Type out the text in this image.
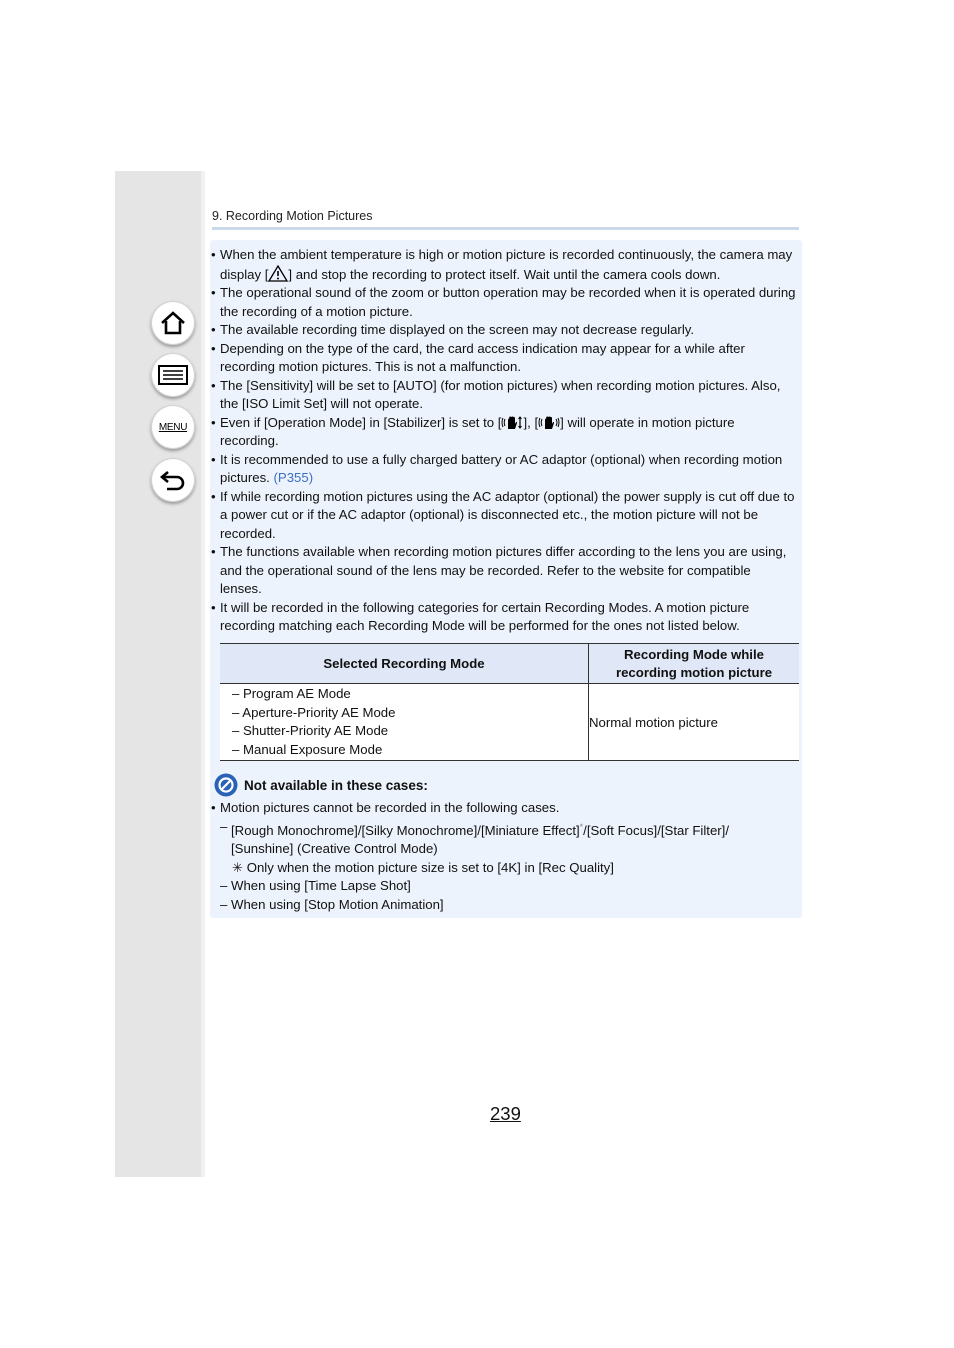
MENU
9. Recording Motion Pictures
• When the ambient temperature is high or motion picture is recorded continuously, the camera may display [ ] and stop the recording to protect itself. Wait until the camera cools down.
• The operational sound of the zoom or button operation may be recorded when it is operated during the recording of a motion picture.
• The available recording time displayed on the screen may not decrease regularly.
• Depending on the type of the card, the card access indication may appear for a while after recording motion pictures. This is not a malfunction.
• The [Sensitivity] will be set to [AUTO] (for motion pictures) when recording motion pictures. Also, the [ISO Limit Set] will not operate.
• Even if [Operation Mode] in [Stabilizer] is set to [ ], [ ] will operate in motion picture recording.
• It is recommended to use a fully charged battery or AC adaptor (optional) when recording motion pictures. (P355)
• If while recording motion pictures using the AC adaptor (optional) the power supply is cut off due to a power cut or if the AC adaptor (optional) is disconnected etc., the motion picture will not be recorded.
• The functions available when recording motion pictures differ according to the lens you are using, and the operational sound of the lens may be recorded. Refer to the website for compatible lenses.
• It will be recorded in the following categories for certain Recording Modes. A motion picture recording matching each Recording Mode will be performed for the ones not listed below.
Selected Recording Mode	Recording Mode while
recording motion picture

– Program AE Mode
– Aperture-Priority AE Mode
– Shutter-Priority AE Mode
– Manual Exposure Mode	Normal motion picture
Not available in these cases:
• Motion pictures cannot be recorded in the following cases.
– [Rough Monochrome]/[Silky Monochrome]/[Miniature Effect]*/[Soft Focus]/[Star Filter]/
[Sunshine] (Creative Control Mode)
✳ Only when the motion picture size is set to [4K] in [Rec Quality]
– When using [Time Lapse Shot]
– When using [Stop Motion Animation]
239
